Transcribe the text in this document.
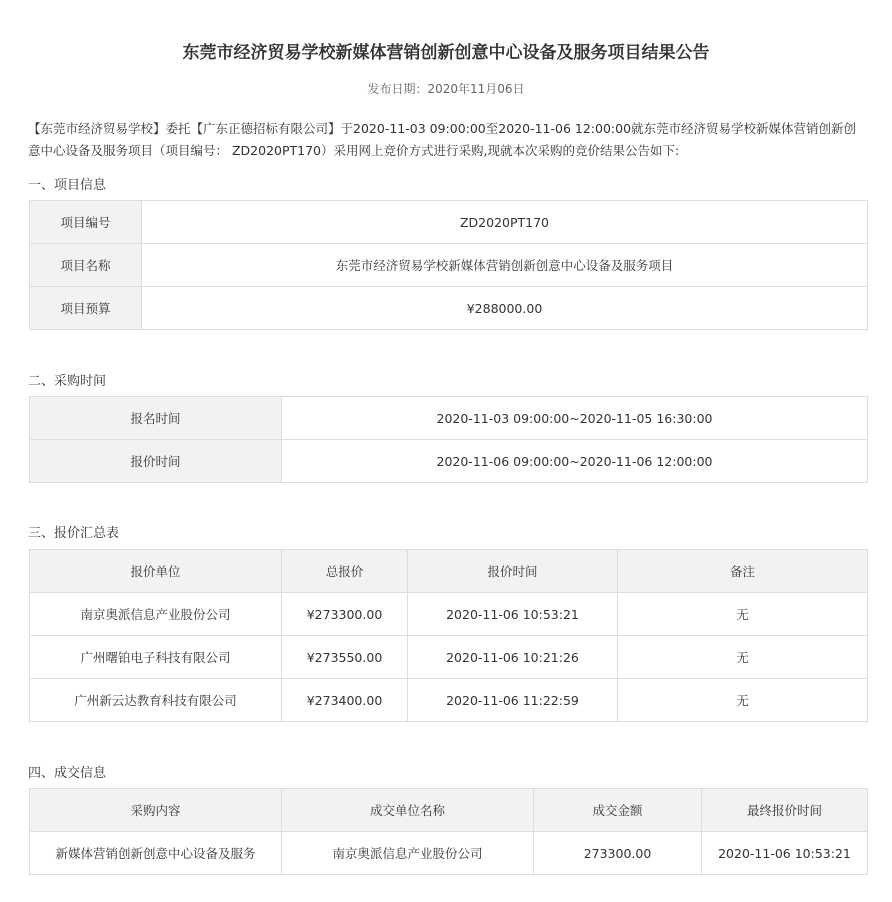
东莞市经济贸易学校新媒体营销创新创意中心设备及服务项目结果公告
发布日期：2020年11月06日
【东莞市经济贸易学校】委托【广东正德招标有限公司】于2020-11-03 09:00:00至2020-11-06 12:00:00就东莞市经济贸易学校新媒体营销创新创意中心设备及服务项目（项目编号： ZD2020PT170）采用网上竞价方式进行采购,现就本次采购的竞价结果公告如下:
一、项目信息
项目编号	ZD2020PT170
项目名称	东莞市经济贸易学校新媒体营销创新创意中心设备及服务项目
项目预算	¥288000.00
二、采购时间
报名时间	2020-11-03 09:00:00~2020-11-05 16:30:00
报价时间	2020-11-06 09:00:00~2020-11-06 12:00:00
三、报价汇总表
报价单位	总报价	报价时间	备注
南京奥派信息产业股份公司	¥273300.00	2020-11-06 10:53:21	无
广州曙铂电子科技有限公司	¥273550.00	2020-11-06 10:21:26	无
广州新云达教育科技有限公司	¥273400.00	2020-11-06 11:22:59	无
四、成交信息
采购内容	成交单位名称	成交金额	最终报价时间
新媒体营销创新创意中心设备及服务	南京奥派信息产业股份公司	273300.00	2020-11-06 10:53:21
